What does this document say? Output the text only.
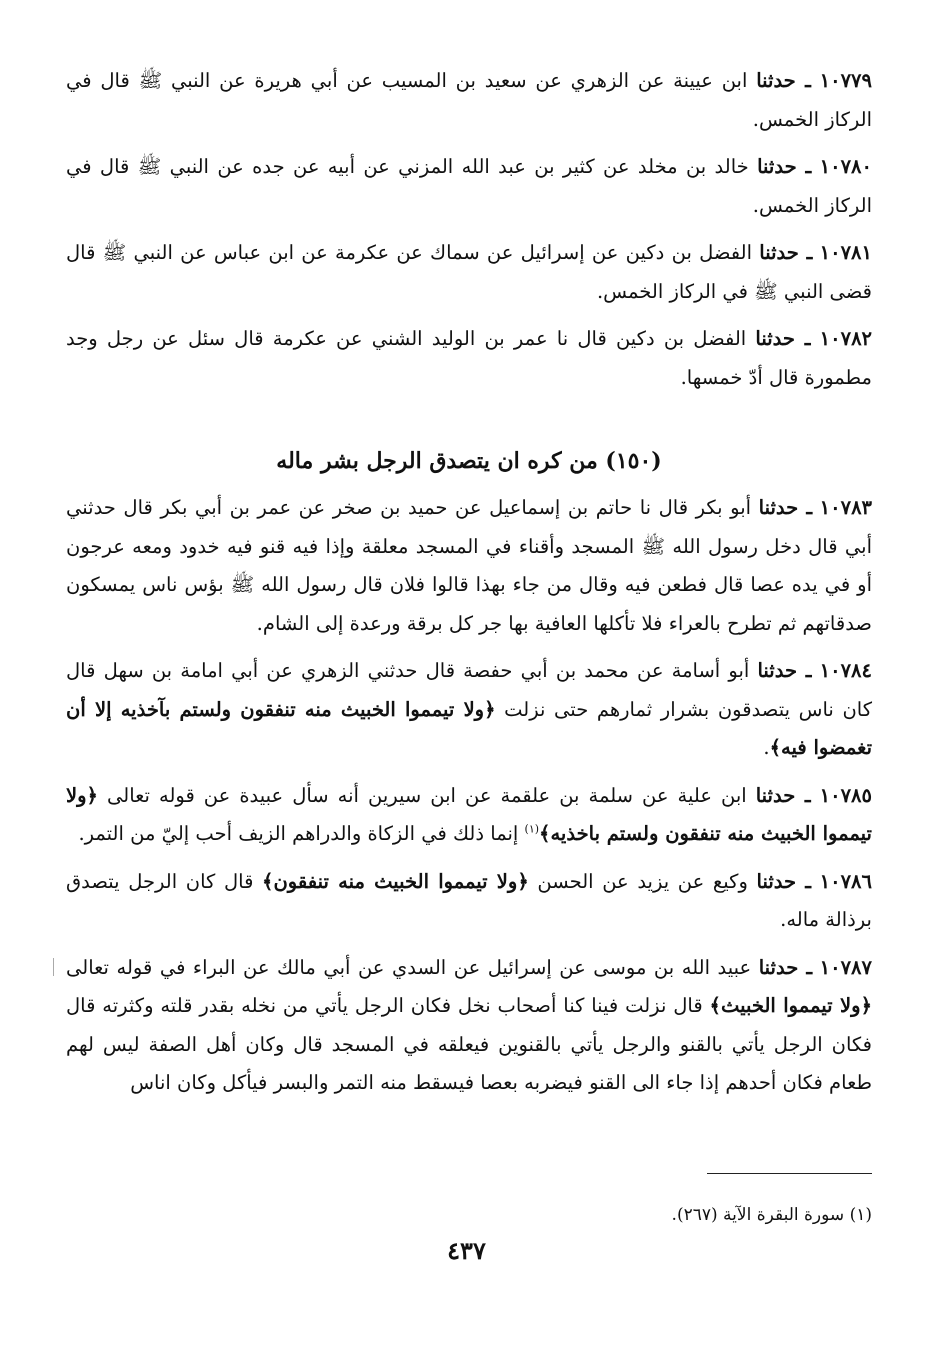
١٠٧٧٩ ـ حدثنا ابن عيينة عن الزهري عن سعيد بن المسيب عن أبي هريرة عن النبي ﷺ قال في الركاز الخمس.

١٠٧٨٠ ـ حدثنا خالد بن مخلد عن كثير بن عبد الله المزني عن أبيه عن جده عن النبي ﷺ قال في الركاز الخمس.

١٠٧٨١ ـ حدثنا الفضل بن دكين عن إسرائيل عن سماك عن عكرمة عن ابن عباس عن النبي ﷺ قال قضى النبي ﷺ في الركاز الخمس.

١٠٧٨٢ ـ حدثنا الفضل بن دكين قال نا عمر بن الوليد الشني عن عكرمة قال سئل عن رجل وجد مطمورة قال أدّ خمسها.

(١٥٠) من كره ان يتصدق الرجل بشر ماله

١٠٧٨٣ ـ حدثنا أبو بكر قال نا حاتم بن إسماعيل عن حميد بن صخر عن عمر بن أبي بكر قال حدثني أبي قال دخل رسول الله ﷺ المسجد وأقناء في المسجد معلقة وإذا فيه قنو فيه خدود ومعه عرجون أو في يده عصا قال فطعن فيه وقال من جاء بهذا قالوا فلان قال رسول الله ﷺ بؤس ناس يمسكون صدقاتهم ثم تطرح بالعراء فلا تأكلها العافية بها جر كل برقة ورعدة إلى الشام.

١٠٧٨٤ ـ حدثنا أبو أسامة عن محمد بن أبي حفصة قال حدثني الزهري عن أبي امامة بن سهل قال كان ناس يتصدقون بشرار ثمارهم حتى نزلت ﴿ولا تيمموا الخبيث منه تنفقون ولستم بآخذيه إلا أن تغمضوا فيه﴾.

١٠٧٨٥ ـ حدثنا ابن علية عن سلمة بن علقمة عن ابن سيرين أنه سأل عبيدة عن قوله تعالى ﴿ولا تيمموا الخبيث منه تنفقون ولستم باخذيه﴾$^{(١)}$ إنما ذلك في الزكاة والدراهم الزيف أحب إليّ من التمر.

١٠٧٨٦ ـ حدثنا وكيع عن يزيد عن الحسن ﴿ولا تيمموا الخبيث منه تنفقون﴾ قال كان الرجل يتصدق برذالة ماله.

١٠٧٨٧ ـ حدثنا عبيد الله بن موسى عن إسرائيل عن السدي عن أبي مالك عن البراء في قوله تعالى ﴿ولا تيمموا الخبيث﴾ قال نزلت فينا كنا أصحاب نخل فكان الرجل يأتي من نخله بقدر قلته وكثرته قال فكان الرجل يأتي بالقنو والرجل يأتي بالقنوين فيعلقه في المسجد قال وكان أهل الصفة ليس لهم طعام فكان أحدهم إذا جاء الى القنو فيضربه بعصا فيسقط منه التمر والبسر فيأكل وكان اناس

(١) سورة البقرة الآية (٢٦٧).
٤٣٧
